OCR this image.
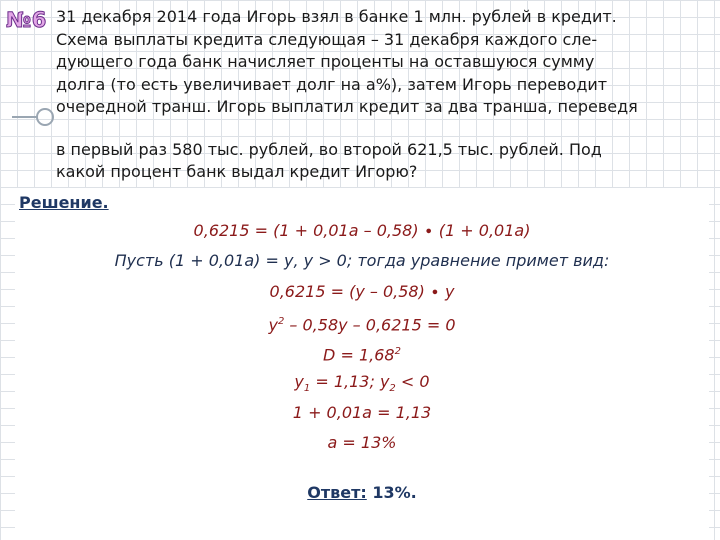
№6 31 декабря 2014 года Игорь взял в банке 1 млн. рублей в кредит.

Схема выплаты кредита следующая – 31 декабря каждого сле-

дующего года банк начисляет проценты на оставшуюся сумму

долга (то есть увеличивает долг на а%), затем Игорь переводит

очередной транш. Игорь выплатил кредит за два транша, переведя

в первый раз 580 тыс. рублей, во второй 621,5 тыс. рублей. Под

какой процент банк выдал кредит Игорю?

Решение.
0,6215 = (1 + 0,01а – 0,58) ∙ (1 + 0,01а)
Пусть (1 + 0,01а) = у, у > 0; тогда уравнение примет вид:
0,6215 = (у – 0,58) ∙ у
$у^2 - 0,58у - 0,6215 = 0$
$D = 1,68^2$
$у_1 = 1,13$; $у_2 < 0$
1 + 0,01а = 1,13
а = 13%
Ответ: 13%.
